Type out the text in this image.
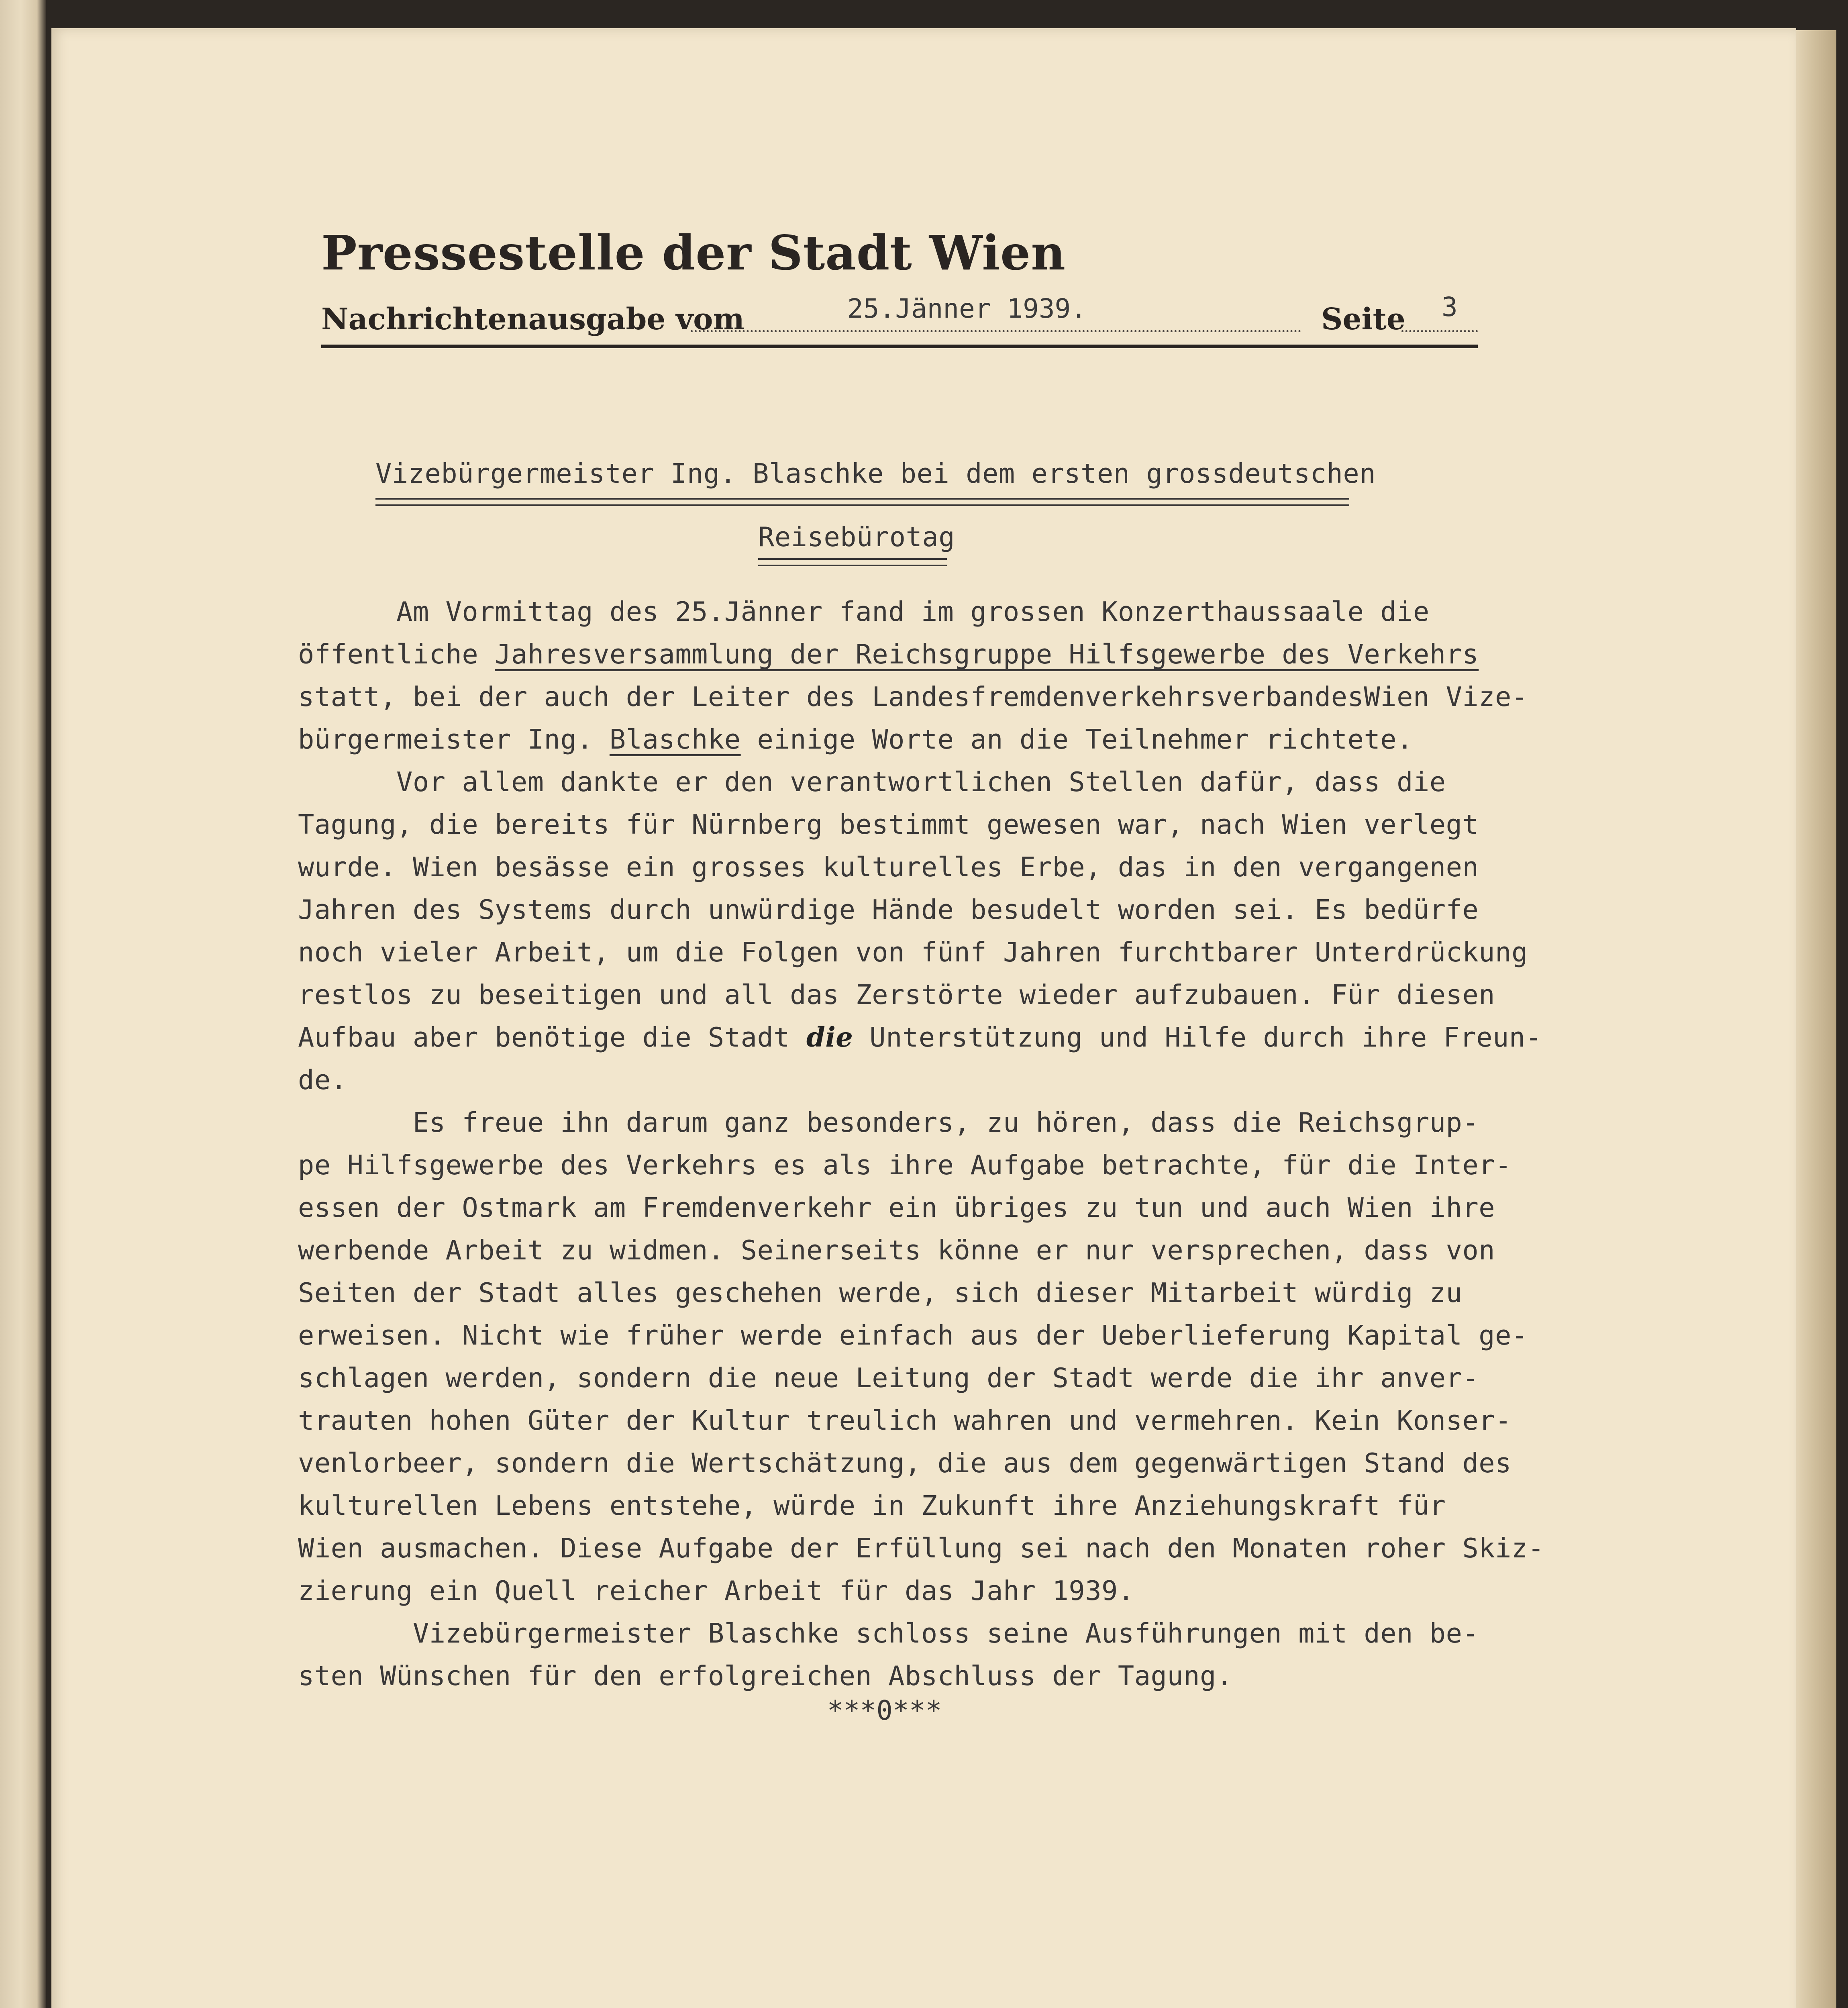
Pressestelle der Stadt Wien
Nachrichtenausgabe vom	25.Jänner 1939.	Seite 3
Vizebürgermeister Ing. Blaschke bei dem ersten grossdeutschen
Reisebürotag
Am Vormittag des 25.Jänner fand im grossen Konzerthaussaale die
öffentliche Jahresversammlung der Reichsgruppe Hilfsgewerbe des Verkehrs
statt, bei der auch der Leiter des LandesfremdenverkehrsverbandesWien Vize-
bürgermeister Ing. Blaschke einige Worte an die Teilnehmer richtete.
Vor allem dankte er den verantwortlichen Stellen dafür, dass die
Tagung, die bereits für Nürnberg bestimmt gewesen war, nach Wien verlegt
wurde. Wien besässe ein grosses kulturelles Erbe, das in den vergangenen
Jahren des Systems durch unwürdige Hände besudelt worden sei. Es bedürfe
noch vieler Arbeit, um die Folgen von fünf Jahren furchtbarer Unterdrückung
restlos zu beseitigen und all das Zerstörte wieder aufzubauen. Für diesen
Aufbau aber benötige die Stadt die Unterstützung und Hilfe durch ihre Freun-
de.
Es freue ihn darum ganz besonders, zu hören, dass die Reichsgrup-
pe Hilfsgewerbe des Verkehrs es als ihre Aufgabe betrachte, für die Inter-
essen der Ostmark am Fremdenverkehr ein übriges zu tun und auch Wien ihre
werbende Arbeit zu widmen. Seinerseits könne er nur versprechen, dass von
Seiten der Stadt alles geschehen werde, sich dieser Mitarbeit würdig zu
erweisen. Nicht wie früher werde einfach aus der Ueberlieferung Kapital ge-
schlagen werden, sondern die neue Leitung der Stadt werde die ihr anver-
trauten hohen Güter der Kultur treulich wahren und vermehren. Kein Konser-
venlorbeer, sondern die Wertschätzung, die aus dem gegenwärtigen Stand des
kulturellen Lebens entstehe, würde in Zukunft ihre Anziehungskraft für
Wien ausmachen. Diese Aufgabe der Erfüllung sei nach den Monaten roher Skiz-
zierung ein Quell reicher Arbeit für das Jahr 1939.
Vizebürgermeister Blaschke schloss seine Ausführungen mit den be-
sten Wünschen für den erfolgreichen Abschluss der Tagung.
***0***
